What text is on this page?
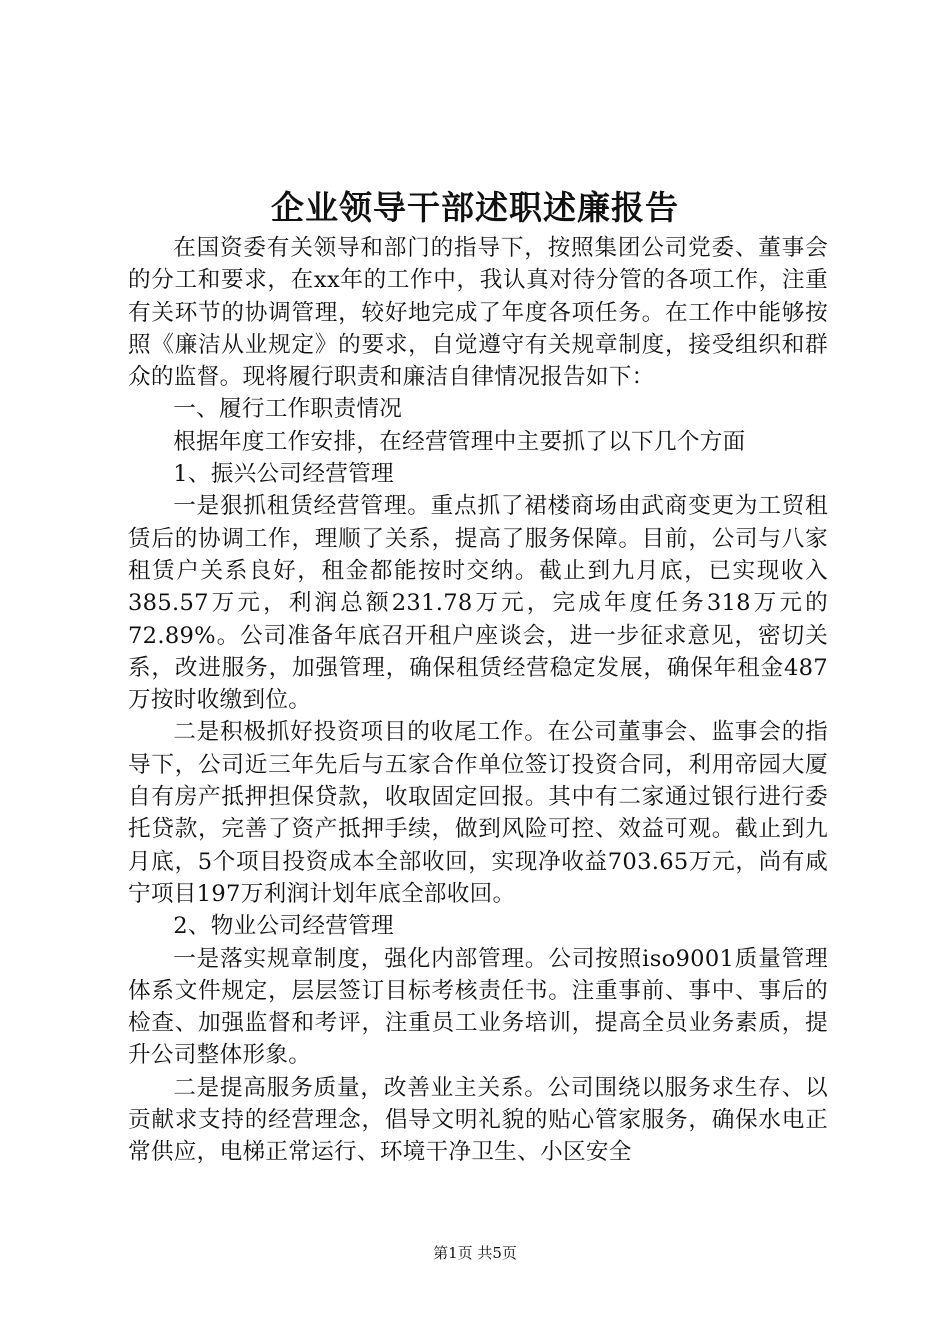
企业领导干部述职述廉报告

在国资委有关领导和部门的指导下，按照集团公司党委、董事会的分工和要求，在xx年的工作中，我认真对待分管的各项工作，注重有关环节的协调管理，较好地完成了年度各项任务。在工作中能够按照《廉洁从业规定》的要求，自觉遵守有关规章制度，接受组织和群众的监督。现将履行职责和廉洁自律情况报告如下：

一、履行工作职责情况

根据年度工作安排，在经营管理中主要抓了以下几个方面

1、振兴公司经营管理

一是狠抓租赁经营管理。重点抓了裙楼商场由武商变更为工贸租赁后的协调工作，理顺了关系，提高了服务保障。目前，公司与八家租赁户关系良好，租金都能按时交纳。截止到九月底，已实现收入385.57万元，利润总额231.78万元，完成年度任务318万元的72.89%。公司准备年底召开租户座谈会，进一步征求意见，密切关系，改进服务，加强管理，确保租赁经营稳定发展，确保年租金487万按时收缴到位。

二是积极抓好投资项目的收尾工作。在公司董事会、监事会的指导下，公司近三年先后与五家合作单位签订投资合同，利用帝园大厦自有房产抵押担保贷款，收取固定回报。其中有二家通过银行进行委托贷款，完善了资产抵押手续，做到风险可控、效益可观。截止到九月底，5个项目投资成本全部收回，实现净收益703.65万元，尚有咸宁项目197万利润计划年底全部收回。

2、物业公司经营管理

一是落实规章制度，强化内部管理。公司按照iso9001质量管理体系文件规定，层层签订目标考核责任书。注重事前、事中、事后的检查、加强监督和考评，注重员工业务培训，提高全员业务素质，提升公司整体形象。

二是提高服务质量，改善业主关系。公司围绕以服务求生存、以贡献求支持的经营理念，倡导文明礼貌的贴心管家服务，确保水电正常供应，电梯正常运行、环境干净卫生、小区安全

第1页 共5页
